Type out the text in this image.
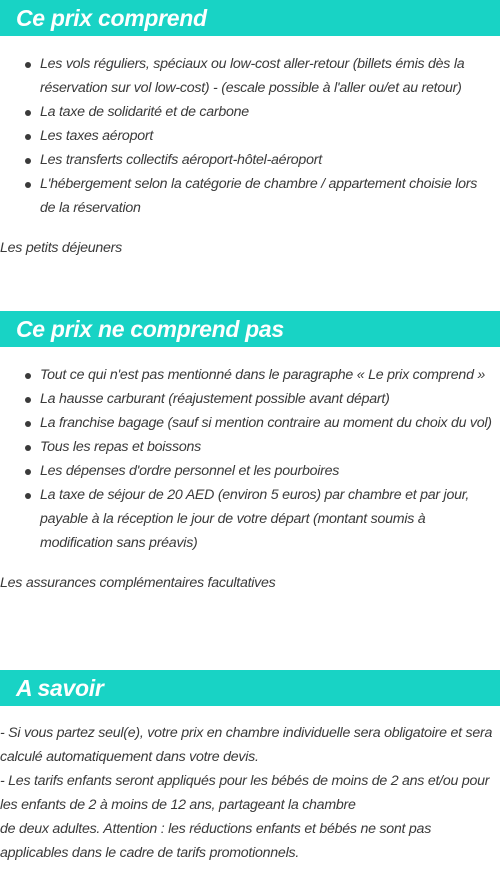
Ce prix comprend
Les vols réguliers, spéciaux ou low-cost aller-retour (billets émis dès la réservation sur vol low-cost) - (escale possible à l'aller ou/et au retour)
La taxe de solidarité et de carbone
Les taxes aéroport
Les transferts collectifs aéroport-hôtel-aéroport
L'hébergement selon la catégorie de chambre / appartement choisie lors de la réservation

Les petits déjeuners

Ce prix ne comprend pas
Tout ce qui n'est pas mentionné dans le paragraphe « Le prix comprend »
La hausse carburant (réajustement possible avant départ)
La franchise bagage (sauf si mention contraire au moment du choix du vol)
Tous les repas et boissons
Les dépenses d'ordre personnel et les pourboires
La taxe de séjour de 20 AED (environ 5 euros) par chambre et par jour, payable à la réception le jour de votre départ (montant soumis à modification sans préavis)

Les assurances complémentaires facultatives

A savoir

- Si vous partez seul(e), votre prix en chambre individuelle sera obligatoire et sera calculé automatiquement dans votre devis.
- Les tarifs enfants seront appliqués pour les bébés de moins de 2 ans et/ou pour les enfants de 2 à moins de 12 ans, partageant la chambre
de deux adultes. Attention : les réductions enfants et bébés ne sont pas applicables dans le cadre de tarifs promotionnels.
